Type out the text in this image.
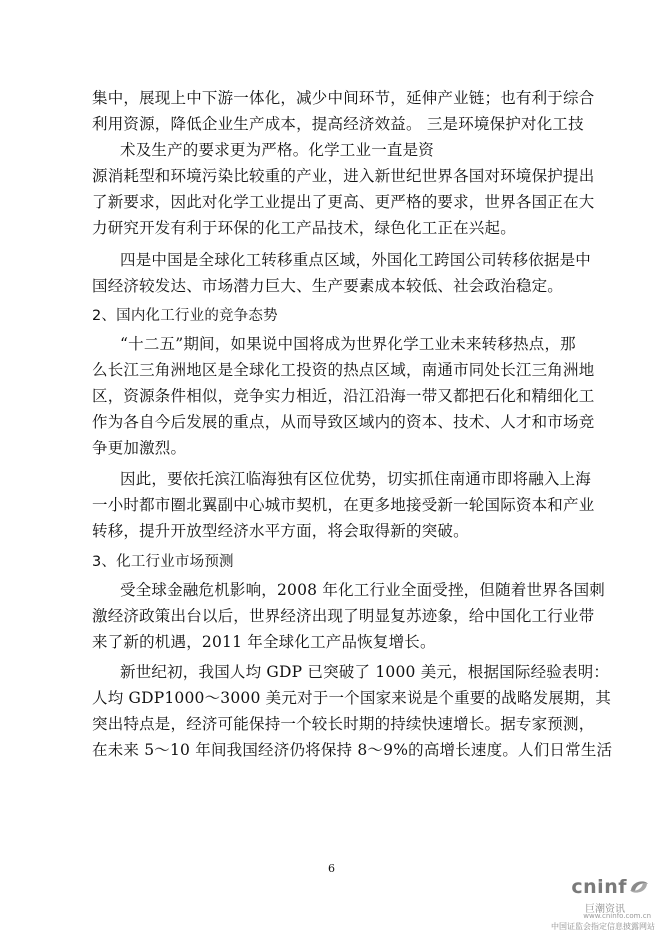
集中，展现上中下游一体化，减少中间环节，延伸产业链；也有利于综合
利用资源，降低企业生产成本，提高经济效益。 三是环境保护对化工技
术及生产的要求更为严格。化学工业一直是资
源消耗型和环境污染比较重的产业，进入新世纪世界各国对环境保护提出
了新要求，因此对化学工业提出了更高、更严格的要求，世界各国正在大
力研究开发有利于环保的化工产品技术，绿色化工正在兴起。
四是中国是全球化工转移重点区域，外国化工跨国公司转移依据是中
国经济较发达、市场潜力巨大、生产要素成本较低、社会政治稳定。
2、国内化工行业的竞争态势
“十二五”期间，如果说中国将成为世界化学工业未来转移热点，那
么长江三角洲地区是全球化工投资的热点区域，南通市同处长江三角洲地
区，资源条件相似，竞争实力相近，沿江沿海一带又都把石化和精细化工
作为各自今后发展的重点，从而导致区域内的资本、技术、人才和市场竞
争更加激烈。
因此，要依托滨江临海独有区位优势，切实抓住南通市即将融入上海
一小时都市圈北翼副中心城市契机，在更多地接受新一轮国际资本和产业
转移，提升开放型经济水平方面，将会取得新的突破。
3、化工行业市场预测
受全球金融危机影响，2008 年化工行业全面受挫，但随着世界各国刺
激经济政策出台以后，世界经济出现了明显复苏迹象，给中国化工行业带
来了新的机遇，2011 年全球化工产品恢复增长。
新世纪初，我国人均 GDP 已突破了 1000 美元，根据国际经验表明：
人均 GDP1000～3000 美元对于一个国家来说是个重要的战略发展期，其
突出特点是，经济可能保持一个较长时期的持续快速增长。据专家预测，
在未来 5～10 年间我国经济仍将保持 8～9%的高增长速度。人们日常生活
6
cninf
巨潮资讯
www.cninfo.com.cn
中国证监会指定信息披露网站
